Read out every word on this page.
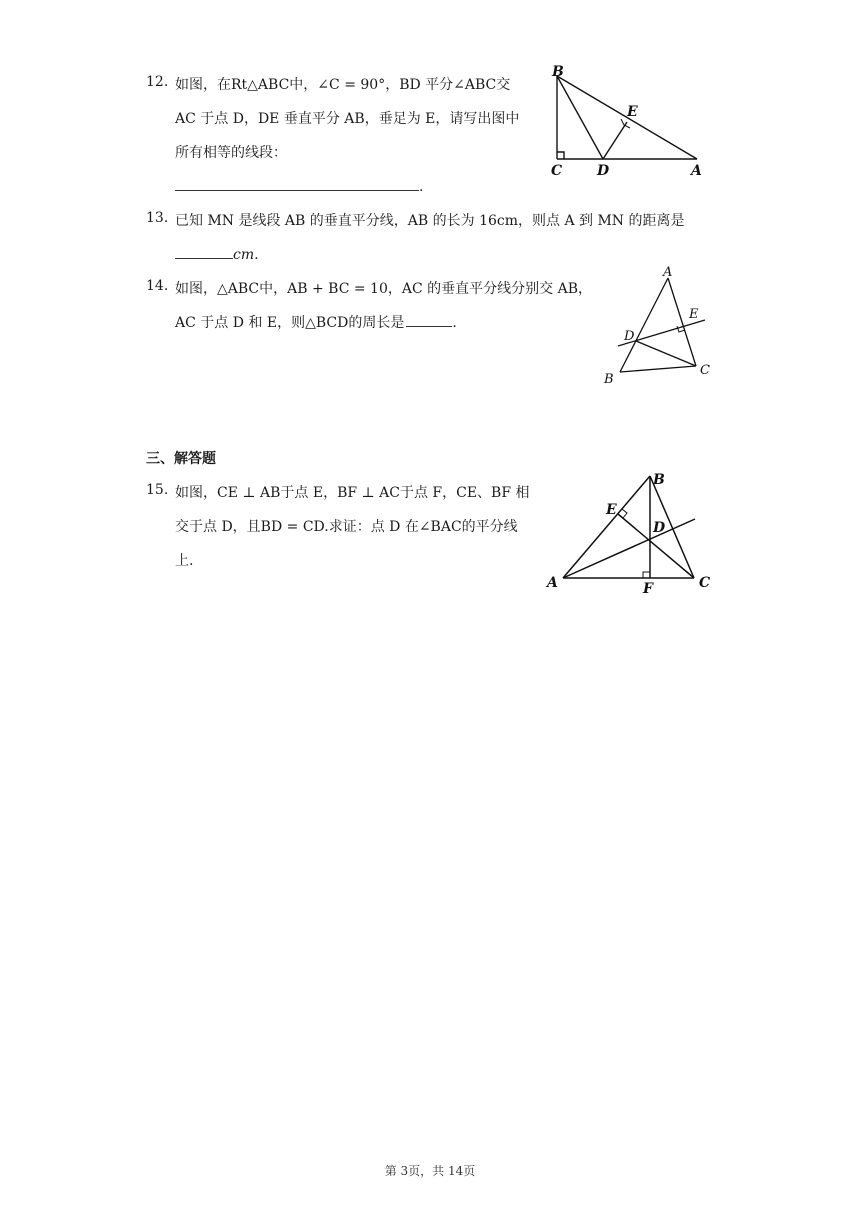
12. 如图，在Rt△ABC中，∠C = 90°，BD 平分∠ABC交
AC 于点 D，DE 垂直平分 AB，垂足为 E，请写出图中
所有相等的线段：
.
B
C D	A
E
13. 已知 MN 是线段 AB 的垂直平分线，AB 的长为 16cm，则点 A 到 MN 的距离是
cm.
14. 如图，△ABC中，AB + BC = 10，AC 的垂直平分线分别交 AB，
AC 于点 D 和 E，则△BCD的周长是	.
A
E
D
B
C
三、解答题
15. 如图，CE ⊥ AB于点 E，BF ⊥ AC于点 F，CE、BF 相
交于点 D，且BD = CD.求证：点 D 在∠BAC的平分线
上.
B
E
D
A	F	C
第 3页，共 14页
